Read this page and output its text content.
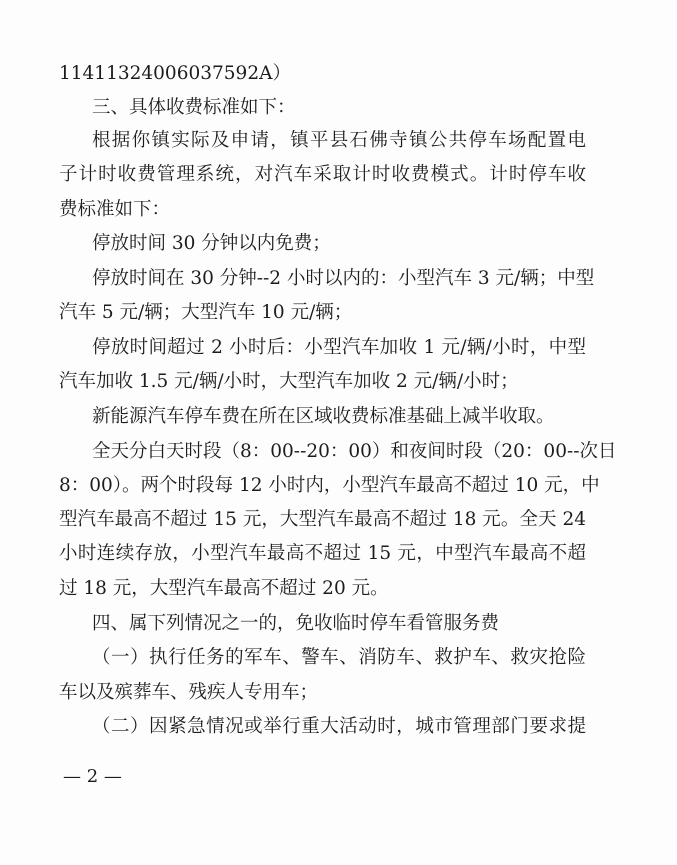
11411324006037592A）
三、具体收费标准如下：
根据你镇实际及申请，镇平县石佛寺镇公共停车场配置电
子计时收费管理系统，对汽车采取计时收费模式。计时停车收
费标准如下：
停放时间 30 分钟以内免费；
停放时间在 30 分钟--2 小时以内的：小型汽车 3 元/辆；中型
汽车 5 元/辆；大型汽车 10 元/辆；
停放时间超过 2 小时后：小型汽车加收 1 元/辆/小时，中型
汽车加收 1.5 元/辆/小时，大型汽车加收 2 元/辆/小时；
新能源汽车停车费在所在区域收费标准基础上减半收取。
全天分白天时段（8：00--20：00）和夜间时段（20：00--次日
8：00）。两个时段每 12 小时内，小型汽车最高不超过 10 元，中
型汽车最高不超过 15 元，大型汽车最高不超过 18 元。全天 24
小时连续存放，小型汽车最高不超过 15 元，中型汽车最高不超
过 18 元，大型汽车最高不超过 20 元。
四、属下列情况之一的，免收临时停车看管服务费
（一）执行任务的军车、警车、消防车、救护车、救灾抢险
车以及殡葬车、残疾人专用车；
（二）因紧急情况或举行重大活动时，城市管理部门要求提
— 2 —
